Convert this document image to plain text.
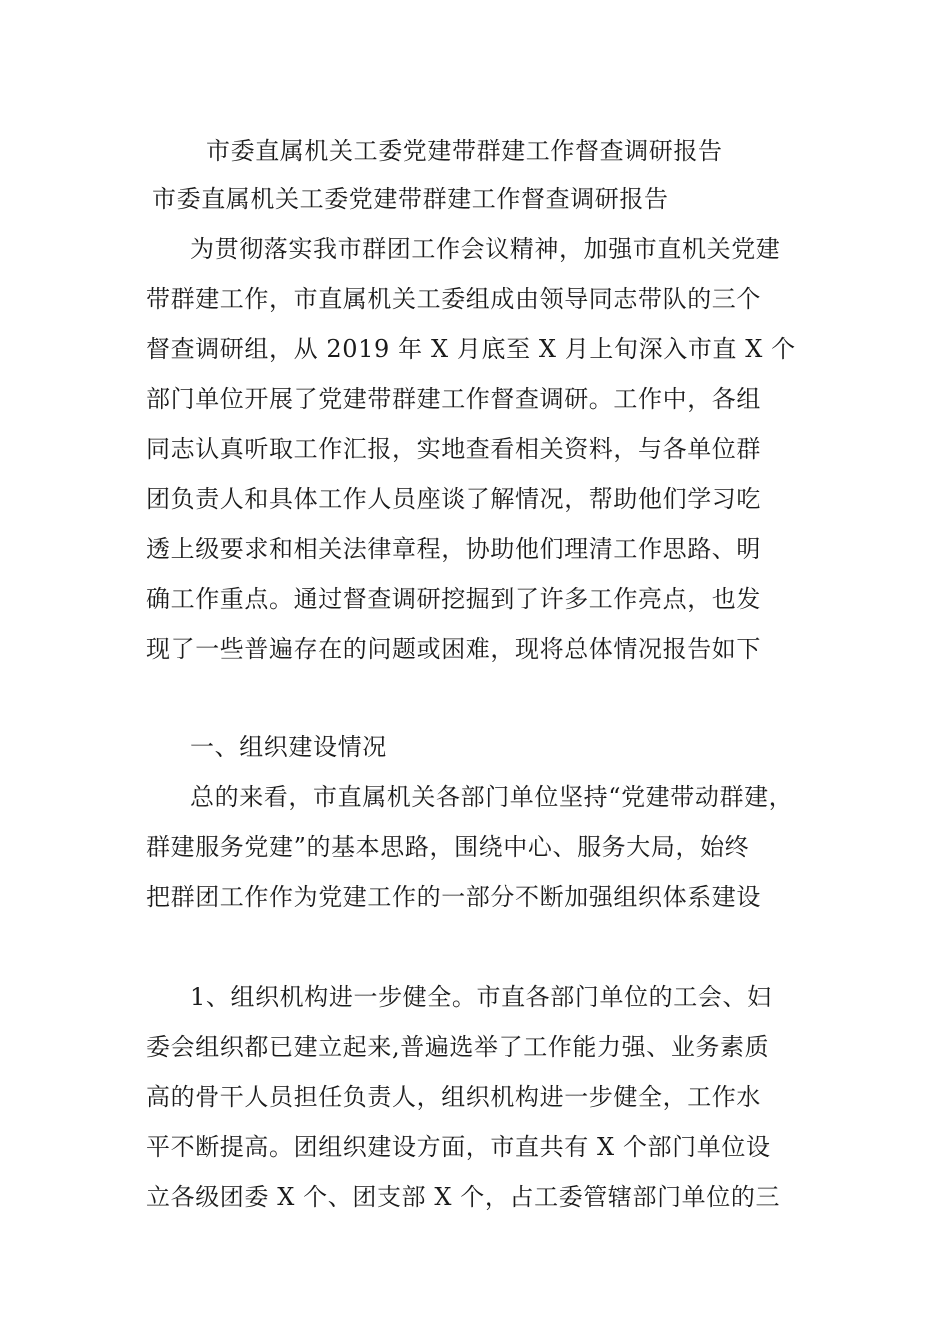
市委直属机关工委党建带群建工作督查调研报告
市委直属机关工委党建带群建工作督查调研报告
为贯彻落实我市群团工作会议精神，加强市直机关党建
带群建工作，市直属机关工委组成由领导同志带队的三个
督查调研组，从 2019 年 X 月底至 X 月上旬深入市直 X 个
部门单位开展了党建带群建工作督查调研。工作中，各组
同志认真听取工作汇报，实地查看相关资料，与各单位群
团负责人和具体工作人员座谈了解情况，帮助他们学习吃
透上级要求和相关法律章程，协助他们理清工作思路、明
确工作重点。通过督查调研挖掘到了许多工作亮点，也发
现了一些普遍存在的问题或困难，现将总体情况报告如下
一、组织建设情况
总的来看，市直属机关各部门单位坚持“党建带动群建，
群建服务党建”的基本思路，围绕中心、服务大局，始终
把群团工作作为党建工作的一部分不断加强组织体系建设
1、组织机构进一步健全。市直各部门单位的工会、妇
委会组织都已建立起来,普遍选举了工作能力强、业务素质
高的骨干人员担任负责人，组织机构进一步健全，工作水
平不断提高。团组织建设方面，市直共有 X 个部门单位设
立各级团委 X 个、团支部 X 个，占工委管辖部门单位的三
